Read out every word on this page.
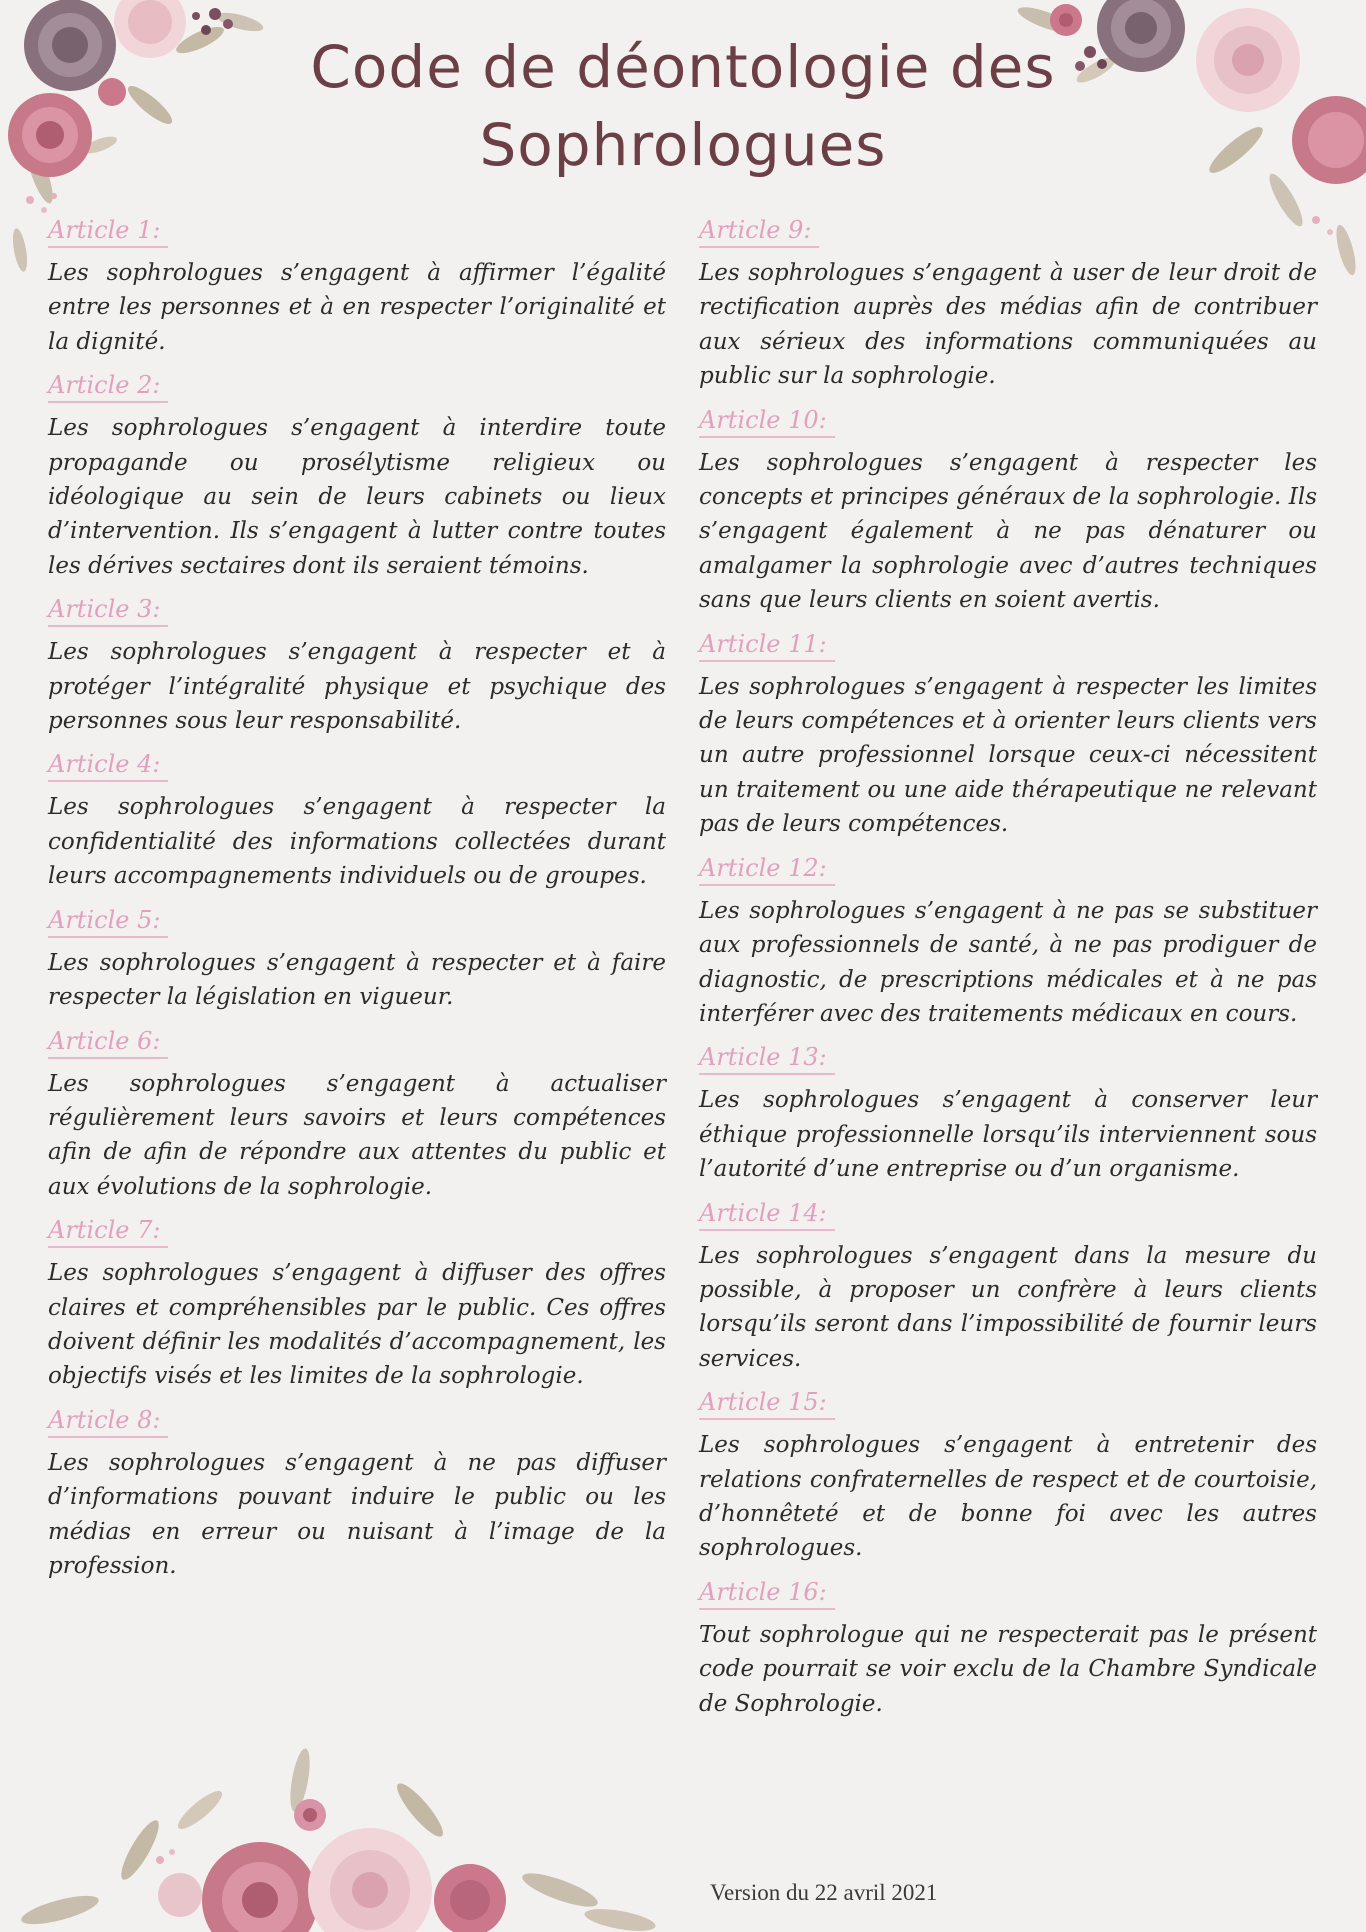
Code de déontologie des
Sophrologues
Article 1:

Les sophrologues s’engagent à affirmer l’égalité entre les personnes et à en respecter l’originalité et la dignité.

Article 2:

Les sophrologues s’engagent à interdire toute propagande ou prosélytisme religieux ou idéologique au sein de leurs cabinets ou lieux d’intervention. Ils s’engagent à lutter contre toutes les dérives sectaires dont ils seraient témoins.

Article 3:

Les sophrologues s’engagent à respecter et à protéger l’intégralité physique et psychique des personnes sous leur responsabilité.

Article 4:

Les sophrologues s’engagent à respecter la confidentialité des informations collectées durant leurs accompagnements individuels ou de groupes.

Article 5:

Les sophrologues s’engagent à respecter et à faire respecter la législation en vigueur.

Article 6:

Les sophrologues s’engagent à actualiser régulièrement leurs savoirs et leurs compétences afin de afin de répondre aux attentes du public et aux évolutions de la sophrologie.

Article 7:

Les sophrologues s’engagent à diffuser des offres claires et compréhensibles par le public. Ces offres doivent définir les modalités d’accompagnement, les objectifs visés et les limites de la sophrologie.

Article 8:

Les sophrologues s’engagent à ne pas diffuser d’informations pouvant induire le public ou les médias en erreur ou nuisant à l’image de la profession.

Article 9:

Les sophrologues s’engagent à user de leur droit de rectification auprès des médias afin de contribuer aux sérieux des informations communiquées au public sur la sophrologie.

Article 10:

Les sophrologues s’engagent à respecter les concepts et principes généraux de la sophrologie. Ils s’engagent également à ne pas dénaturer ou amalgamer la sophrologie avec d’autres techniques sans que leurs clients en soient avertis.

Article 11:

Les sophrologues s’engagent à respecter les limites de leurs compétences et à orienter leurs clients vers un autre professionnel lorsque ceux-ci nécessitent un traitement ou une aide thérapeutique ne relevant pas de leurs compétences.

Article 12:

Les sophrologues s’engagent à ne pas se substituer aux professionnels de santé, à ne pas prodiguer de diagnostic, de prescriptions médicales et à ne pas interférer avec des traitements médicaux en cours.

Article 13:

Les sophrologues s’engagent à conserver leur éthique professionnelle lorsqu’ils interviennent sous l’autorité d’une entreprise ou d’un organisme.

Article 14:

Les sophrologues s’engagent dans la mesure du possible, à proposer un confrère à leurs clients lorsqu’ils seront dans l’impossibilité de fournir leurs services.

Article 15:

Les sophrologues s’engagent à entretenir des relations confraternelles de respect et de courtoisie, d’honnêteté et de bonne foi avec les autres sophrologues.

Article 16:

Tout sophrologue qui ne respecterait pas le présent code pourrait se voir exclu de la Chambre Syndicale de Sophrologie.

Version du 22 avril 2021
